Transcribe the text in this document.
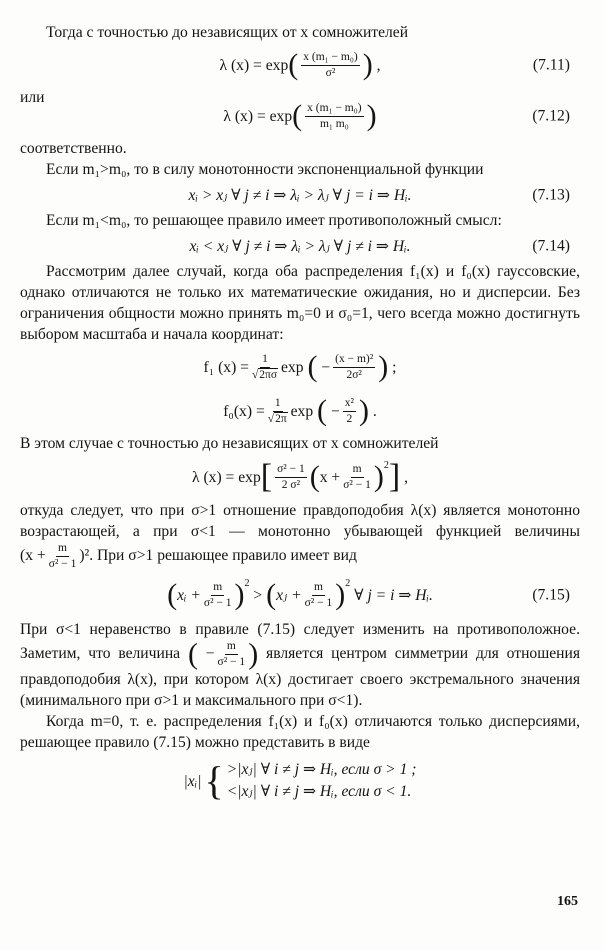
Тогда с точностью до независящих от x сомножителей

λ (x) = exp ( $\frac{\text{x (m₁ − m₀)}}{\text{σ²}}$ )
,	(7.11)

или

λ (x) = exp ( $\frac{\text{x (m₁ − m₀)}}{\text{m₁ m₀}}$ )	(7.12)

соответственно.

Если m₁>m₀, то в силу монотонности экспоненциальной функции

xᵢ > xⱼ ∀ j ≠ i ⇒ λᵢ > λⱼ ∀ j = i ⇒ Hᵢ.	(7.13)

Если m₁<m₀, то решающее правило имеет противоположный смысл:

xᵢ < xⱼ ∀ j ≠ i ⇒ λᵢ > λⱼ ∀ j ≠ i ⇒ Hᵢ.	(7.14)

Рассмотрим далее случай, когда оба распределения f₁(x) и f₀(x) гауссовские, однако отличаются не только их математические ожидания, но и дисперсии. Без ограничения общности можно принять m₀=0 и σ₀=1, чего всегда можно достигнуть выбором масштаба и начала координат:

f₁ $(x) = \frac{1}{√2\pi\sigma}$ exp
( − $\frac{\text{(x − m)²}}{\text{2σ²}}$ )
;
$f_0(x) = \frac{1}{√2\pi}$ exp
( − $\frac{\text{x²}}{2}$ )
.

В этом случае с точностью до независящих от x сомножителей

λ (x) = exp [ $\frac{\text{σ² − 1}}{\text{2 σ²}}$ ( $x + \frac{m}{\text{σ² − 1}}$ ) 2 ]
,

откуда следует, что при σ>1 отношение правдоподобия λ(x) является монотонно возрастающей, а при σ<1 — монотонно убывающей функцией величины $(x + \frac{m}{\text{σ² − 1}} )^2$. При σ>1 решающее правило имеет вид

( xᵢ + $\frac{m}{\text{σ² − 1}}$ ) 2

>
( xⱼ + $\frac{m}{\text{σ² − 1}}$ ) 2

∀ j = i ⇒ Hᵢ.	(7.15)

При σ<1 неравенство в правиле (7.15) следует изменить на противоположное. Заметим, что величина ( − $\frac{m}{\text{σ² − 1}}$ ) является центром симметрии для отношения правдоподобия λ(x), при котором λ(x) достигает своего экстремального значения (минимального при σ>1 и максимального при σ<1).

Когда m=0, т. е. распределения f₁(x) и f₀(x) отличаются только дисперсиями, решающее правило (7.15) можно представить в виде

|xᵢ| { >|xⱼ| ∀ i ≠ j ⇒ Hᵢ, если σ > 1 ;
<|xⱼ| ∀ i ≠ j ⇒ Hᵢ, если σ < 1.
165
